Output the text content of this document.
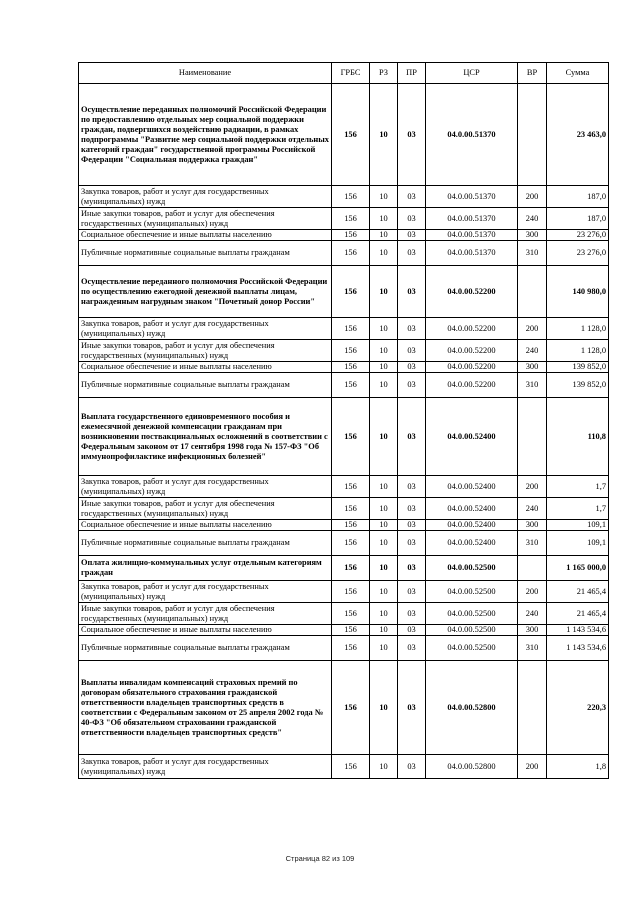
Наименование	ГРБС	РЗ	ПР	ЦСР	ВР	Сумма
Осуществление переданных полномочий Российской Федерации по предоставлению отдельных мер социальной поддержки граждан, подвергшихся воздействию радиации, в рамках подпрограммы "Развитие мер социальной поддержки отдельных категорий граждан" государственной программы Российской Федерации "Социальная поддержка граждан"	156	10	03	04.0.00.51370		23 463,0
Закупка товаров, работ и услуг для государственных (муниципальных) нужд	156	10	03	04.0.00.51370	200	187,0
Иные закупки товаров, работ и услуг для обеспечения государственных (муниципальных) нужд	156	10	03	04.0.00.51370	240	187,0
Социальное обеспечение и иные выплаты населению	156	10	03	04.0.00.51370	300	23 276,0
Публичные нормативные социальные выплаты гражданам	156	10	03	04.0.00.51370	310	23 276,0
Осуществление переданного полномочия Российской Федерации по осуществлению ежегодной денежной выплаты лицам, награжденным нагрудным знаком "Почетный донор России"	156	10	03	04.0.00.52200		140 980,0
Закупка товаров, работ и услуг для государственных (муниципальных) нужд	156	10	03	04.0.00.52200	200	1 128,0
Иные закупки товаров, работ и услуг для обеспечения государственных (муниципальных) нужд	156	10	03	04.0.00.52200	240	1 128,0
Социальное обеспечение и иные выплаты населению	156	10	03	04.0.00.52200	300	139 852,0
Публичные нормативные социальные выплаты гражданам	156	10	03	04.0.00.52200	310	139 852,0
Выплата государственного единовременного пособия и ежемесячной денежной компенсации гражданам при возникновении поствакцинальных осложнений в соответствии с Федеральным законом от 17 сентября 1998 года № 157-ФЗ "Об иммунопрофилактике инфекционных болезней"	156	10	03	04.0.00.52400		110,8
Закупка товаров, работ и услуг для государственных (муниципальных) нужд	156	10	03	04.0.00.52400	200	1,7
Иные закупки товаров, работ и услуг для обеспечения государственных (муниципальных) нужд	156	10	03	04.0.00.52400	240	1,7
Социальное обеспечение и иные выплаты населению	156	10	03	04.0.00.52400	300	109,1
Публичные нормативные социальные выплаты гражданам	156	10	03	04.0.00.52400	310	109,1
Оплата жилищно-коммунальных услуг отдельным категориям граждан	156	10	03	04.0.00.52500		1 165 000,0
Закупка товаров, работ и услуг для государственных (муниципальных) нужд	156	10	03	04.0.00.52500	200	21 465,4
Иные закупки товаров, работ и услуг для обеспечения государственных (муниципальных) нужд	156	10	03	04.0.00.52500	240	21 465,4
Социальное обеспечение и иные выплаты населению	156	10	03	04.0.00.52500	300	1 143 534,6
Публичные нормативные социальные выплаты гражданам	156	10	03	04.0.00.52500	310	1 143 534,6
Выплаты инвалидам компенсаций страховых премий по договорам обязательного страхования гражданской ответственности владельцев транспортных средств в соответствии с Федеральным законом от 25 апреля 2002 года № 40-ФЗ "Об обязательном страховании гражданской ответственности владельцев транспортных средств"	156	10	03	04.0.00.52800		220,3
Закупка товаров, работ и услуг для государственных (муниципальных) нужд	156	10	03	04.0.00.52800	200	1,8
Страница 82 из 109
